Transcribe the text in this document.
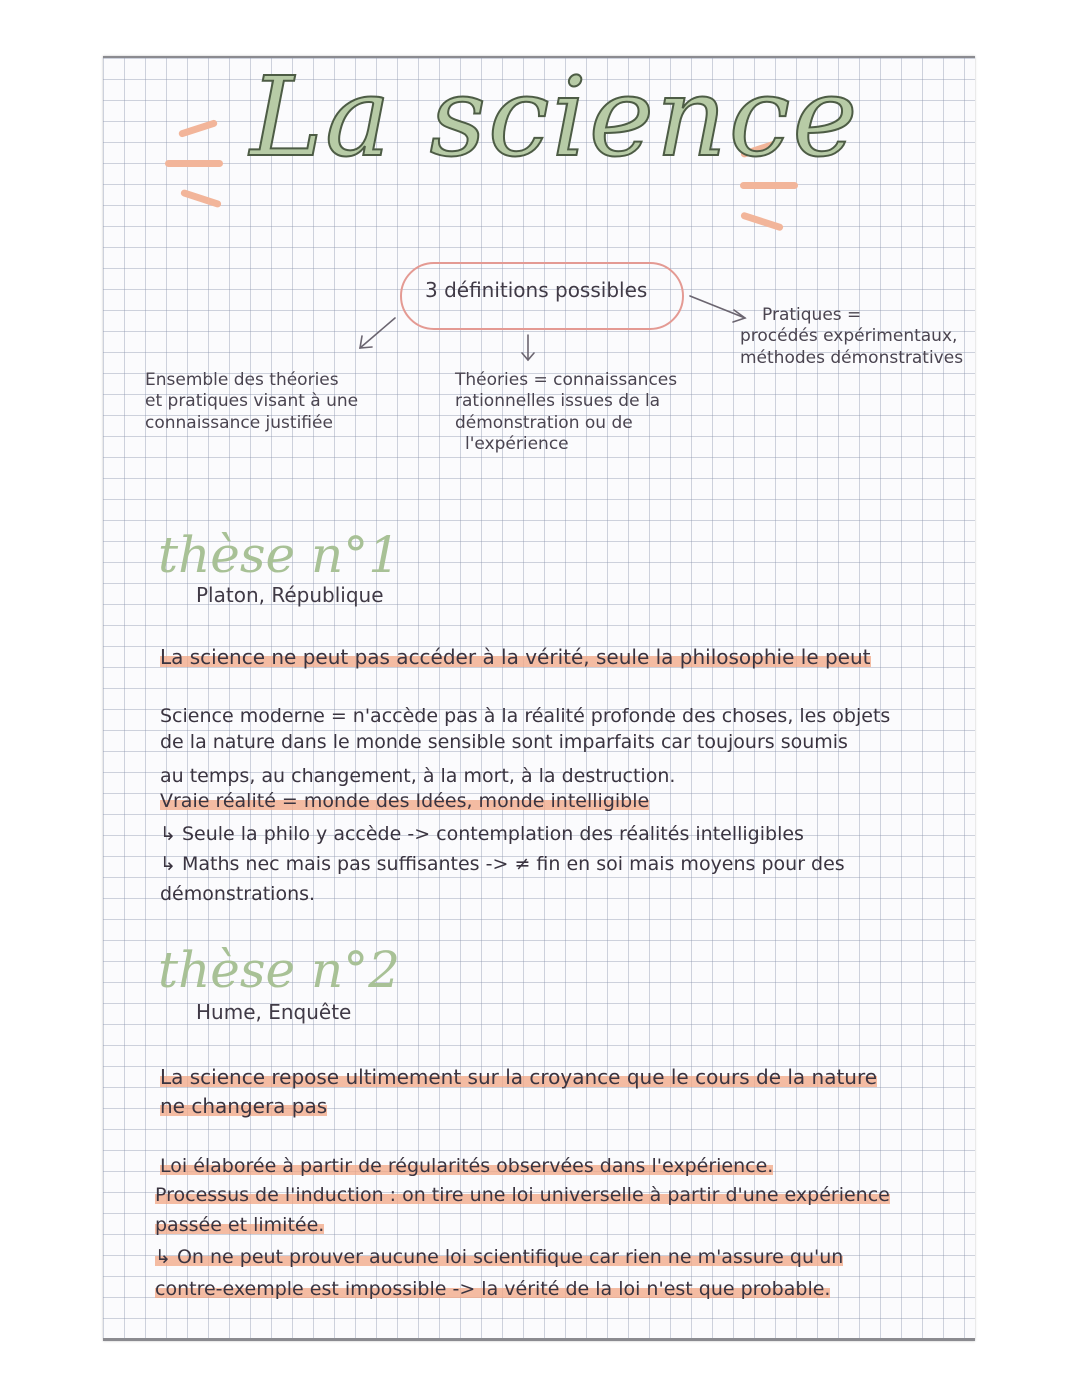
La science
3 définitions possibles
Ensemble des théories
et pratiques visant à une
connaissance justifiée
Théories = connaissances
rationnelles issues de la
démonstration ou de
l'expérience
Pratiques =
procédés expérimentaux,
méthodes démonstratives
thèse n°1
Platon, République
La science ne peut pas accéder à la vérité, seule la philosophie le peut
Science moderne = n'accède pas à la réalité profonde des choses, les objets
de la nature dans le monde sensible sont imparfaits car toujours soumis
au temps, au changement, à la mort, à la destruction.
Vraie réalité = monde des Idées, monde intelligible
↳ Seule la philo y accède -> contemplation des réalités intelligibles
↳ Maths nec mais pas suffisantes -> ≠ fin en soi mais moyens pour des
démonstrations.
thèse n°2
Hume, Enquête
La science repose ultimement sur la croyance que le cours de la nature
ne changera pas
Loi élaborée à partir de régularités observées dans l'expérience.
Processus de l'induction : on tire une loi universelle à partir d'une expérience
passée et limitée.
↳ On ne peut prouver aucune loi scientifique car rien ne m'assure qu'un
contre-exemple est impossible -> la vérité de la loi n'est que probable.
